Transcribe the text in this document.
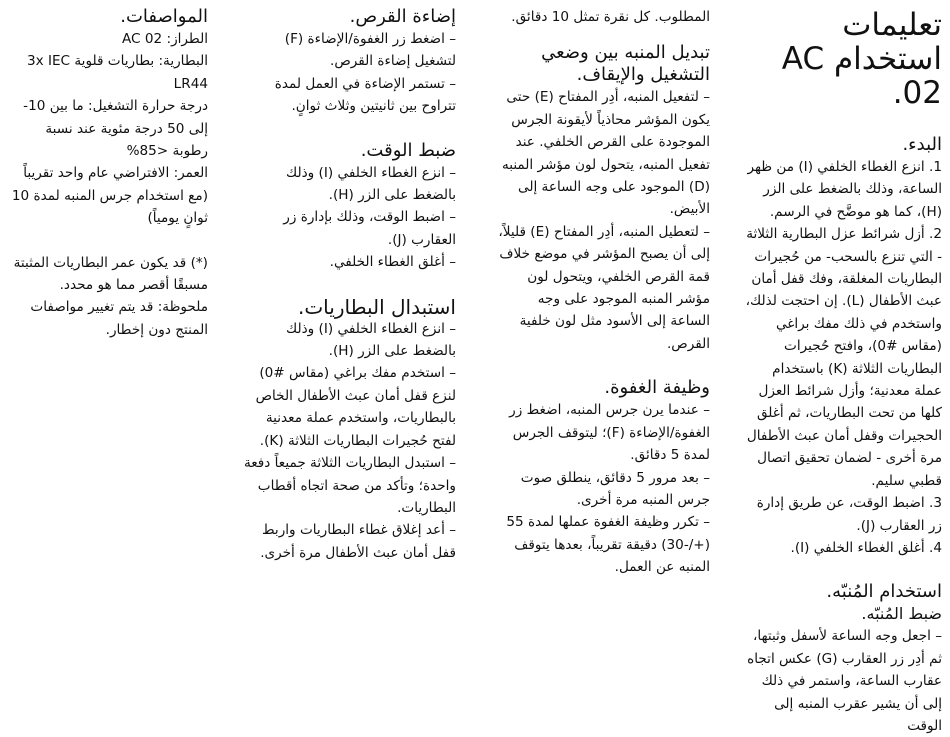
تعليمات استخدام AC 02.
البدء.

1. انزع الغطاء الخلفي (I) من ظهر الساعة، وذلك بالضغط على الزر (H)، كما هو موضَّح في الرسم.

2. أزل شرائط عزل البطارية الثلاثة - التي تنزع بالسحب- من حُجيرات البطاريات المغلقة، وفك قفل أمان عبث الأطفال (L). إن احتجت لذلك، واستخدم في ذلك مفك براغي (مقاس #0)، وافتح حُجيرات البطاريات الثلاثة (K) باستخدام عملة معدنية؛ وأزل شرائط العزل كلها من تحت البطاريات، ثم أغلق الحجيرات وقفل أمان عبث الأطفال مرة أخرى - لضمان تحقيق اتصال قطبي سليم.

3. اضبط الوقت، عن طريق إدارة زر العقارب (J).

4. أغلق الغطاء الخلفي (I).

استخدام المُنبّه.
ضبط المُنبّه.

– اجعل وجه الساعة لأسفل وثبتها، ثم أدِر زر العقارب (G) عكس اتجاه عقارب الساعة، واستمر في ذلك إلى أن يشير عقرب المنبه إلى الوقت

المطلوب. كل نقرة تمثل 10 دقائق.

تبديل المنبه بين وضعي التشغيل والإيقاف.

– لتفعيل المنبه، أدِر المفتاح (E) حتى يكون المؤشر محاذياً لأيقونة الجرس الموجودة على القرص الخلفي. عند تفعيل المنبه، يتحول لون مؤشر المنبه (D) الموجود على وجه الساعة إلى الأبيض.

– لتعطيل المنبه، أدِر المفتاح (E) قليلاً، إلى أن يصبح المؤشر في موضع خلاف قمة القرص الخلفي، ويتحول لون مؤشر المنبه الموجود على وجه الساعة إلى الأسود مثل لون خلفية القرص.

وظيفة الغفوة.

– عندما يرن جرس المنبه، اضغط زر الغفوة/الإضاءة (F)؛ ليتوقف الجرس لمدة 5 دقائق.

– بعد مرور 5 دقائق، ينطلق صوت جرس المنبه مرة أخرى.

– تكرر وظيفة الغفوة عملها لمدة 55 (+/-30) دقيقة تقريباً، بعدها يتوقف المنبه عن العمل.

إضاءة القرص.

– اضغط زر الغفوة/الإضاءة (F) لتشغيل إضاءة القرص.

– تستمر الإضاءة في العمل لمدة تتراوح بين ثانيتين وثلاث ثوانٍ.

ضبط الوقت.

– انزع الغطاء الخلفي (I) وذلك بالضغط على الزر (H).

– اضبط الوقت، وذلك بإدارة زر العقارب (J).

– أغلق الغطاء الخلفي.

استبدال البطاريات.

– انزع الغطاء الخلفي (I) وذلك بالضغط على الزر (H).

– استخدم مفك براغي (مقاس #0) لنزع قفل أمان عبث الأطفال الخاص بالبطاريات، واستخدم عملة معدنية لفتح حُجيرات البطاريات الثلاثة (K).

– استبدل البطاريات الثلاثة جميعاً دفعة واحدة؛ وتأكد من صحة اتجاه أقطاب البطاريات.

– أعد إغلاق غطاء البطاريات واربط قفل أمان عبث الأطفال مرة أخرى.

المواصفات.

الطراز: AC 02

البطارية: بطاريات قلوية 3x IEC LR44

درجة حرارة التشغيل: ما بين ‎-10‎ إلى 50 درجة مئوية عند نسبة رطوبة <85%

العمر: الافتراضي عام واحد تقريباً (مع استخدام جرس المنبه لمدة 10 ثوانٍ يومياً)

(*) قد يكون عمر البطاريات المثبتة مسبقًا أقصر مما هو محدد.

ملحوظة: قد يتم تغيير مواصفات المنتج دون إخطار.
